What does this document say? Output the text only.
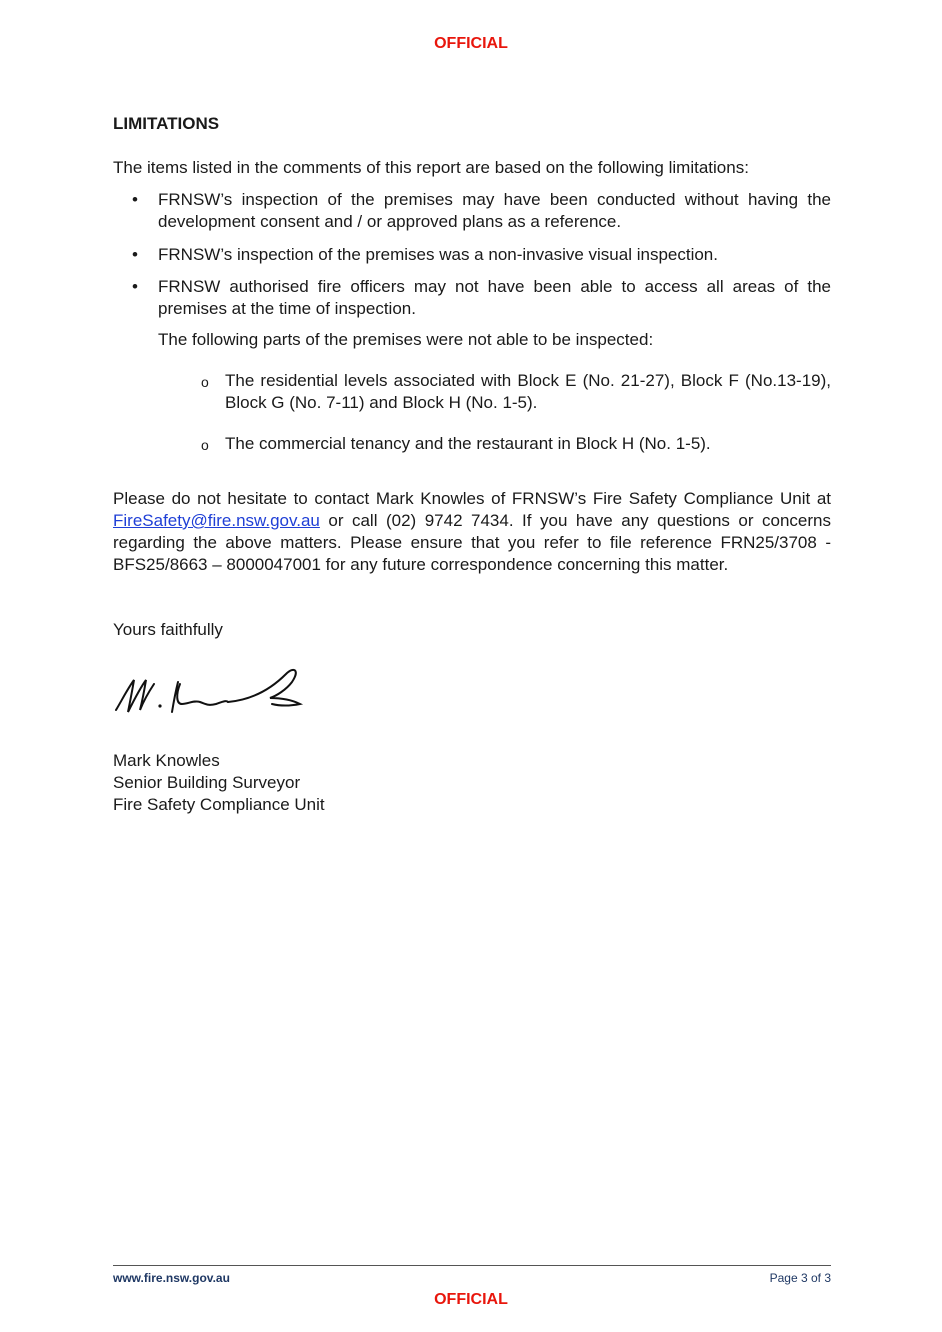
OFFICIAL
LIMITATIONS
The items listed in the comments of this report are based on the following limitations:
• FRNSW’s inspection of the premises may have been conducted without having the development consent and / or approved plans as a reference.
• FRNSW’s inspection of the premises was a non-invasive visual inspection.
• FRNSW authorised fire officers may not have been able to access all areas of the premises at the time of inspection.
The following parts of the premises were not able to be inspected:
o The residential levels associated with Block E (No. 21-27), Block F (No.13-19), Block G (No. 7-11) and Block H (No. 1-5).
o The commercial tenancy and the restaurant in Block H (No. 1-5).
Please do not hesitate to contact Mark Knowles of FRNSW’s Fire Safety Compliance Unit at FireSafety@fire.nsw.gov.au or call (02) 9742 7434. If you have any questions or concerns regarding the above matters. Please ensure that you refer to file reference FRN25/3708 - BFS25/8663 – 8000047001 for any future correspondence concerning this matter.
Yours faithfully
Mark Knowles
Senior Building Surveyor
Fire Safety Compliance Unit
www.fire.nsw.gov.au	Page 3 of 3
OFFICIAL
